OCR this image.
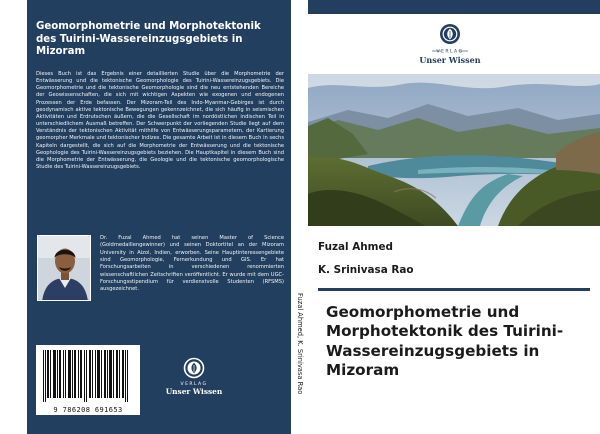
Geomorphometrie und Morphotektonik des Tuirini-Wassereinzugsgebiets in Mizoram
Dieses Buch ist das Ergebnis einer detaillierten Studie über die Morphometrie der Entwässerung und die tektonische Geomorphologie des Tuirini-Wassereinzugsgebiets. Die Geomorphometrie und die tektonische Geomorphologie sind die neu entstehenden Bereiche der Geowissenschaften, die sich mit wichtigen Aspekten wie exogenen und endogenen Prozessen der Erde befassen. Der Mizoram-Teil des Indo-Myanmar-Gebirges ist durch geodynamisch aktive tektonische Bewegungen gekennzeichnet, die sich häufig in seismischen Aktivitäten und Erdrutschen äußern, die die Gesellschaft im nordöstlichen indischen Teil in unterschiedlichem Ausmaß betreffen. Der Schwerpunkt der vorliegenden Studie liegt auf dem Verständnis der tektonischen Aktivität mithilfe von Entwässerungsparametern, der Kartierung geomorpher Merkmale und tektonischer Indizes. Die gesamte Arbeit ist in diesem Buch in sechs Kapiteln dargestellt, die sich auf die Morphometrie der Entwässerung und die tektonische Geophologie des Tuirini-Wassereinzugsgebiets beziehen. Die Hauptkapitel in diesem Buch sind die Morphometrie der Entwässerung, die Geologie und die tektonische geomorphologische Studie des Tuirini-Wassereinzugsgebiets.
Dr. Fuzal Ahmed hat seinen Master of Science (Goldmedaillengewinner) und seinen Doktortitel an der Mizoram University in Aizol, Indien, erworben. Seine Hauptinteressengebiete sind Geomorphologie, Fernerkundung und GIS. Er hat Forschungsarbeiten in verschiedenen renommierten wissenschaftlichen Zeitschriften veröffentlicht. Er wurde mit dem UGC-Forschungsstipendium für verdienstvolle Studenten (RFSMS) ausgezeichnet.
9 786208 691653
VERLAG
Unser Wissen	Fuzal Ahmed, K. Srinivasa Rao
VERLAG
Unser Wissen
Fuzal Ahmed
K. Srinivasa Rao
Geomorphometrie und Morphotektonik des Tuirini-Wassereinzugsgebiets in Mizoram
